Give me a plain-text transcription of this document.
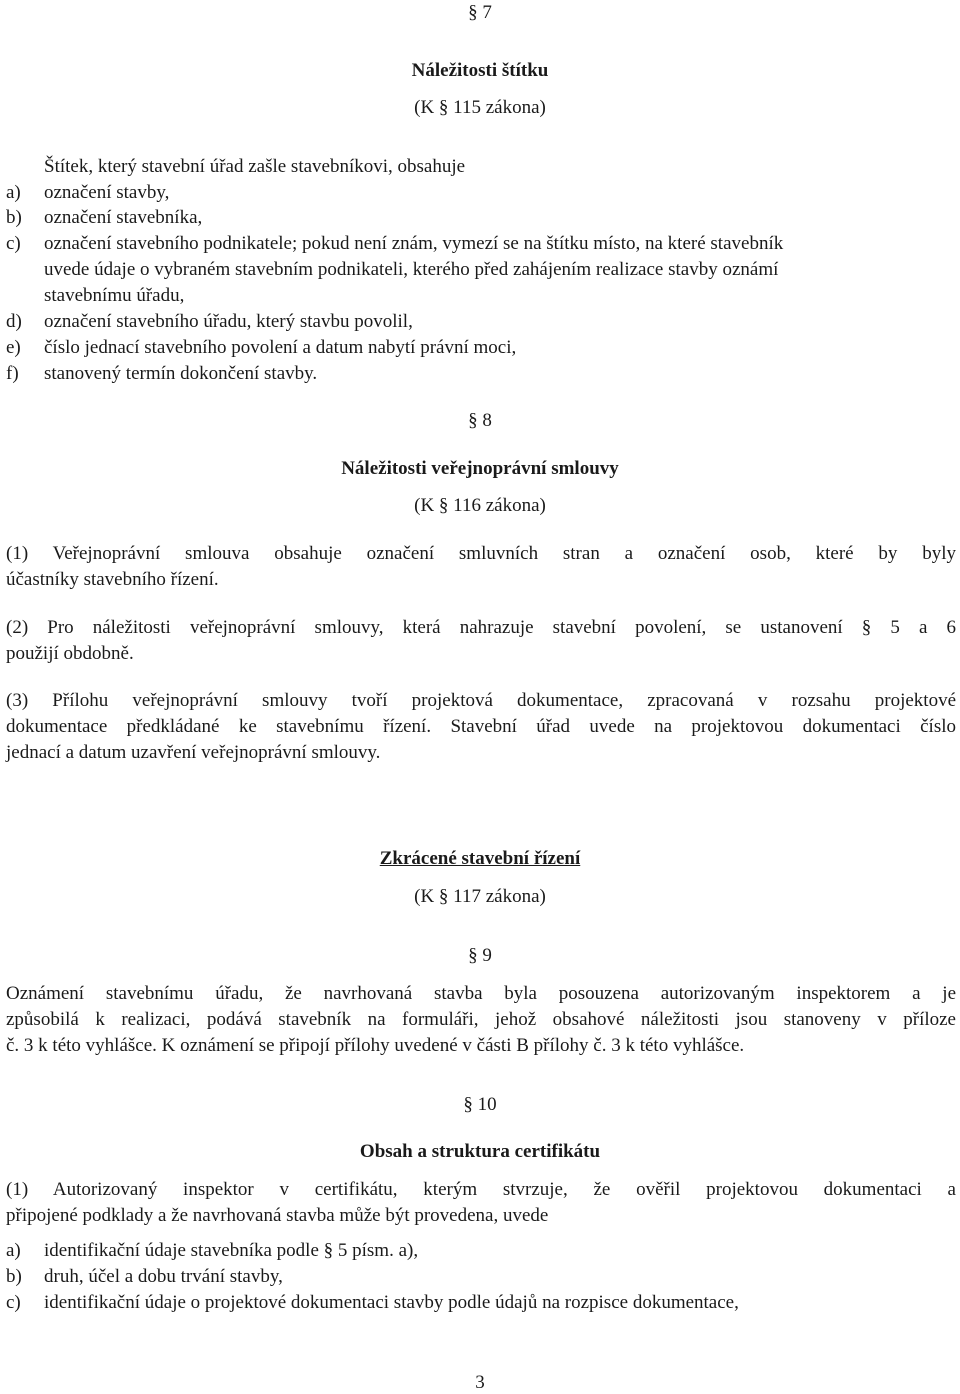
§ 7
Náležitosti štítku
(K § 115 zákona)
Štítek, který stavební úřad zašle stavebníkovi, obsahuje
a) označení stavby,
b) označení stavebníka,
c) označení stavebního podnikatele; pokud není znám, vymezí se na štítku místo, na které stavebník
uvede údaje o vybraném stavebním podnikateli, kterého před zahájením realizace stavby oznámí
stavebnímu úřadu,
d) označení stavebního úřadu, který stavbu povolil,
e) číslo jednací stavebního povolení a datum nabytí právní moci,
f) stanovený termín dokončení stavby.
§ 8
Náležitosti veřejnoprávní smlouvy
(K § 116 zákona)
(1) Veřejnoprávní smlouva obsahuje označení smluvních stran a označení osob, které by byly
účastníky stavebního řízení.
(2) Pro náležitosti veřejnoprávní smlouvy, která nahrazuje stavební povolení, se ustanovení § 5 a 6
použijí obdobně.
(3) Přílohu veřejnoprávní smlouvy tvoří projektová dokumentace, zpracovaná v rozsahu projektové
dokumentace předkládané ke stavebnímu řízení. Stavební úřad uvede na projektovou dokumentaci číslo
jednací a datum uzavření veřejnoprávní smlouvy.
Zkrácené stavební řízení
(K § 117 zákona)
§ 9
Oznámení stavebnímu úřadu, že navrhovaná stavba byla posouzena autorizovaným inspektorem a je
způsobilá k realizaci, podává stavebník na formuláři, jehož obsahové náležitosti jsou stanoveny v příloze
č. 3 k této vyhlášce. K oznámení se připojí přílohy uvedené v části B přílohy č. 3 k této vyhlášce.
§ 10
Obsah a struktura certifikátu
(1) Autorizovaný inspektor v certifikátu, kterým stvrzuje, že ověřil projektovou dokumentaci a
připojené podklady a že navrhovaná stavba může být provedena, uvede
a) identifikační údaje stavebníka podle § 5 písm. a),
b) druh, účel a dobu trvání stavby,
c) identifikační údaje o projektové dokumentaci stavby podle údajů na rozpisce dokumentace,
3
